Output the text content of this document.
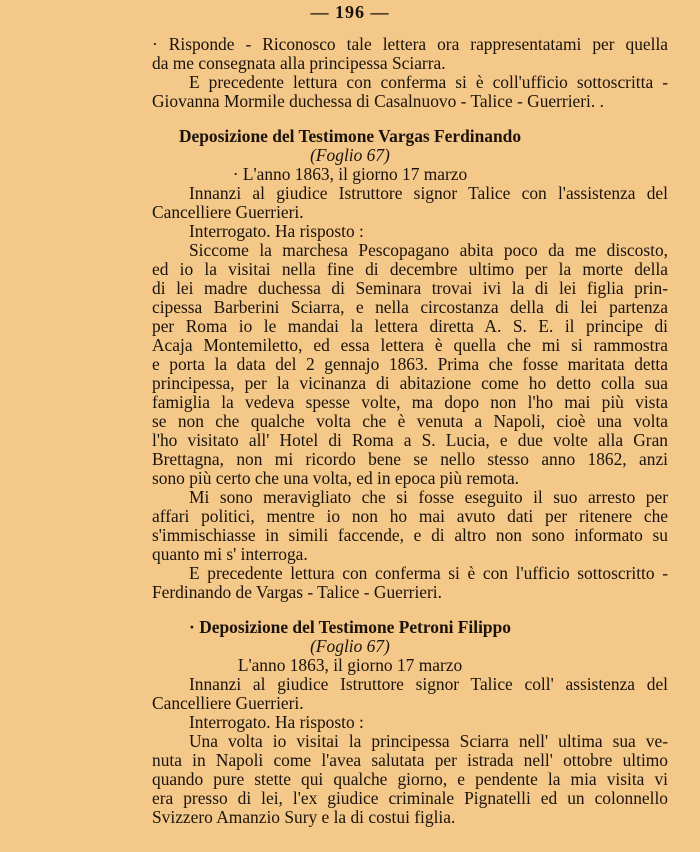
— 196 —
· Risponde - Riconosco tale lettera ora rappresentatami per quella
da me consegnata alla principessa Sciarra.
E precedente lettura con conferma si è coll'ufficio sottoscritta -
Giovanna Mormile duchessa di Casalnuovo - Talice - Guerrieri. .
Deposizione del Testimone Vargas Ferdinando
(Foglio 67)
· L'anno 1863, il giorno 17 marzo
Innanzi al giudice Istruttore signor Talice con l'assistenza del
Cancelliere Guerrieri.
Interrogato. Ha risposto :
Siccome la marchesa Pescopagano abita poco da me discosto,
ed io la visitai nella fine di decembre ultimo per la morte della
di lei madre duchessa di Seminara trovai ivi la di lei figlia prin-
cipessa Barberini Sciarra, e nella circostanza della di lei partenza
per Roma io le mandai la lettera diretta A. S. E. il principe di
Acaja Montemiletto, ed essa lettera è quella che mi si rammostra
e porta la data del 2 gennajo 1863. Prima che fosse maritata detta
principessa, per la vicinanza di abitazione come ho detto colla sua
famiglia la vedeva spesse volte, ma dopo non l'ho mai più vista
se non che qualche volta che è venuta a Napoli, cioè una volta
l'ho visitato all' Hotel di Roma a S. Lucia, e due volte alla Gran
Brettagna, non mi ricordo bene se nello stesso anno 1862, anzi
sono più certo che una volta, ed in epoca più remota.
Mi sono meravigliato che si fosse eseguito il suo arresto per
affari politici, mentre io non ho mai avuto dati per ritenere che
s'immischiasse in simili faccende, e di altro non sono informato su
quanto mi s' interroga.
E precedente lettura con conferma si è con l'ufficio sottoscritto -
Ferdinando de Vargas - Talice - Guerrieri.
· Deposizione del Testimone Petroni Filippo
(Foglio 67)
L'anno 1863, il giorno 17 marzo
Innanzi al giudice Istruttore signor Talice coll' assistenza del
Cancelliere Guerrieri.
Interrogato. Ha risposto :
Una volta io visitai la principessa Sciarra nell' ultima sua ve-
nuta in Napoli come l'avea salutata per istrada nell' ottobre ultimo
quando pure stette qui qualche giorno, e pendente la mia visita vi
era presso di lei, l'ex giudice criminale Pignatelli ed un colonnello
Svizzero Amanzio Sury e la di costui figlia.
